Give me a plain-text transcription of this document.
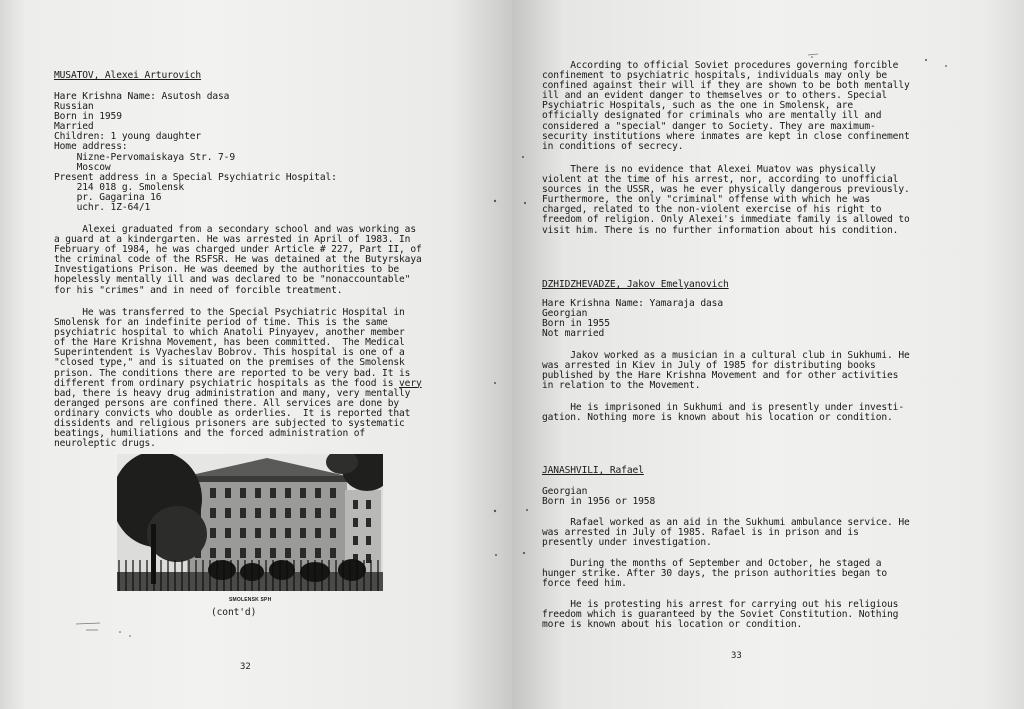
MUSATOV, Alexei Arturovich
Hare Krishna Name: Asutosh dasa
Russian
Born in 1959
Married
Children: 1 young daughter
Home address:
Nizne-Pervomaiskaya Str. 7-9
Moscow
Present address in a Special Psychiatric Hospital:
214 018 g. Smolensk
pr. Gagarina 16
uchr. 1Z-64/1
Alexei graduated from a secondary school and was working as
a guard at a kindergarten. He was arrested in April of 1983. In
February of 1984, he was charged under Article # 227, Part II, of
the criminal code of the RSFSR. He was detained at the Butyrskaya
Investigations Prison. He was deemed by the authorities to be
hopelessly mentally ill and was declared to be "nonaccountable"
for his "crimes" and in need of forcible treatment.
He was transferred to the Special Psychiatric Hospital in
Smolensk for an indefinite period of time. This is the same
psychiatric hospital to which Anatoli Pinyayev, another member
of the Hare Krishna Movement, has been committed.  The Medical
Superintendent is Vyacheslav Bobrov. This hospital is one of a
"closed type," and is situated on the premises of the Smolensk
prison. The conditions there are reported to be very bad. It is
different from ordinary psychiatric hospitals as the food is very
bad, there is heavy drug administration and many, very mentally
deranged persons are confined there. All services are done by
ordinary convicts who double as orderlies.  It is reported that
dissidents and religious prisoners are subjected to systematic
beatings, humiliations and the forced administration of
neuroleptic drugs.
SMOLENSK SPH
(cont'd)
32
According to official Soviet procedures governing forcible
confinement to psychiatric hospitals, individuals may only be
confined against their will if they are shown to be both mentally
ill and an evident danger to themselves or to others. Special
Psychiatric Hospitals, such as the one in Smolensk, are
officially designated for criminals who are mentally ill and
considered a "special" danger to Society. They are maximum-
security institutions where inmates are kept in close confinement
in conditions of secrecy.
There is no evidence that Alexei Muatov was physically
violent at the time of his arrest, nor, according to unofficial
sources in the USSR, was he ever physically dangerous previously.
Furthermore, the only "criminal" offense with which he was
charged, related to the non-violent exercise of his right to
freedom of religion. Only Alexei's immediate family is allowed to
visit him. There is no further information about his condition.
DZHIDZHEVADZE, Jakov Emelyanovich
Hare Krishna Name: Yamaraja dasa
Georgian
Born in 1955
Not married
Jakov worked as a musician in a cultural club in Sukhumi. He
was arrested in Kiev in July of 1985 for distributing books
published by the Hare Krishna Movement and for other activities
in relation to the Movement.
He is imprisoned in Sukhumi and is presently under investi-
gation. Nothing more is known about his location or condition.
JANASHVILI, Rafael
Georgian
Born in 1956 or 1958
Rafael worked as an aid in the Sukhumi ambulance service. He
was arrested in July of 1985. Rafael is in prison and is
presently under investigation.
During the months of September and October, he staged a
hunger strike. After 30 days, the prison authorities began to
force feed him.
He is protesting his arrest for carrying out his religious
freedom which is guaranteed by the Soviet Constitution. Nothing
more is known about his location or condition.
33
